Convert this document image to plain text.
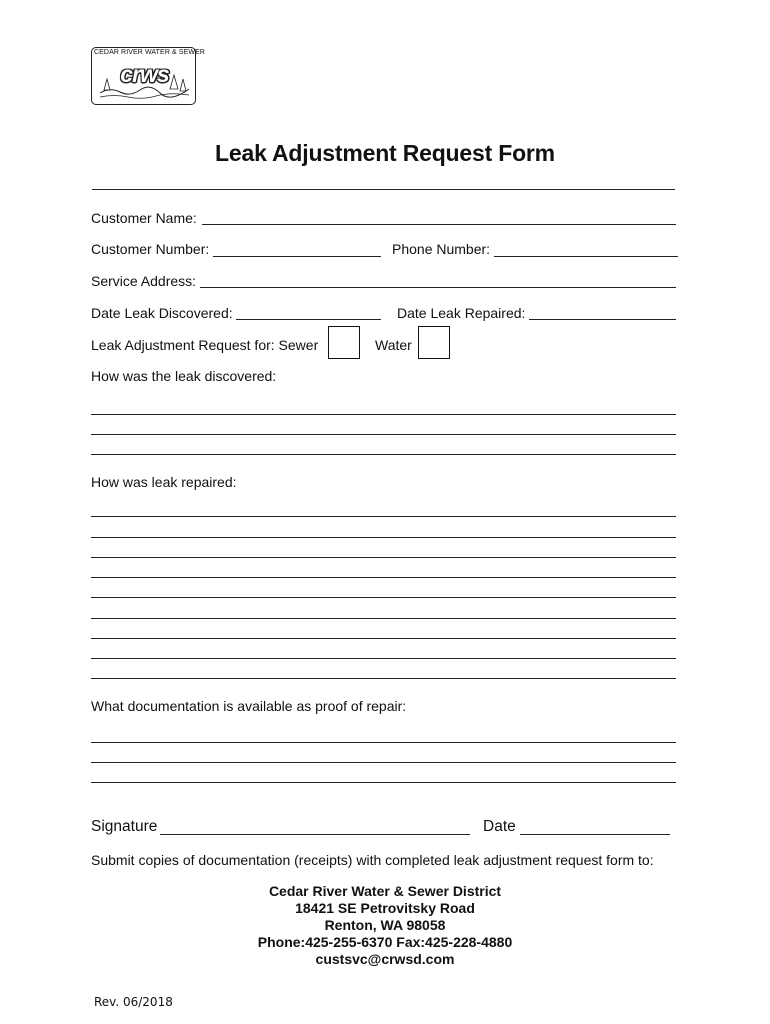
CEDAR RIVER WATER & SEWER
crws
Leak Adjustment Request Form
Customer Name:
Customer Number:	Phone Number:
Service Address:
Date Leak Discovered:	Date Leak Repaired:
Leak Adjustment Request for: Sewer	Water
How was the leak discovered:
How was leak repaired:
What documentation is available as proof of repair:
Signature	Date
Submit copies of documentation (receipts) with completed leak adjustment request form to:
Cedar River Water & Sewer District
18421 SE Petrovitsky Road
Renton, WA 98058
Phone:425-255-6370 Fax:425-228-4880
custsvc@crwsd.com
Rev. 06/2018
